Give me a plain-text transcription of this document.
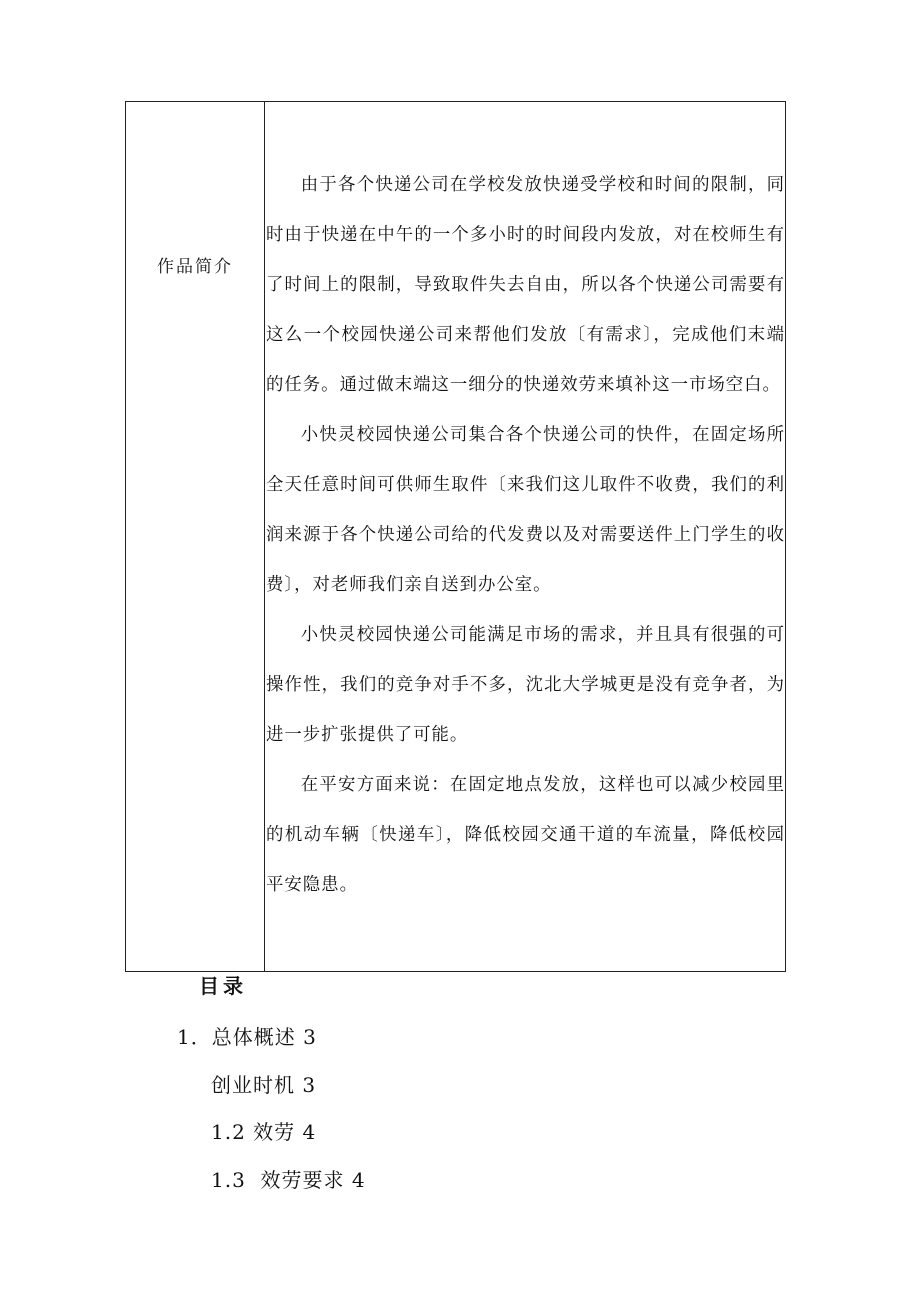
作品简介

由于各个快递公司在学校发放快递受学校和时间的限制，同时由于快递在中午的一个多小时的时间段内发放，对在校师生有了时间上的限制，导致取件失去自由，所以各个快递公司需要有这么一个校园快递公司来帮他们发放〔有需求〕，完成他们末端的任务。通过做末端这一细分的快递效劳来填补这一市场空白。

小快灵校园快递公司集合各个快递公司的快件，在固定场所全天任意时间可供师生取件〔来我们这儿取件不收费，我们的利润来源于各个快递公司给的代发费以及对需要送件上门学生的收费〕，对老师我们亲自送到办公室。

小快灵校园快递公司能满足市场的需求，并且具有很强的可操作性，我们的竞争对手不多，沈北大学城更是没有竞争者，为进一步扩张提供了可能。

在平安方面来说：在固定地点发放，这样也可以减少校园里的机动车辆〔快递车〕，降低校园交通干道的车流量，降低校园平安隐患。

目录
1．总体概述 3
创业时机 3
1.2 效劳 4
1.3  效劳要求 4
